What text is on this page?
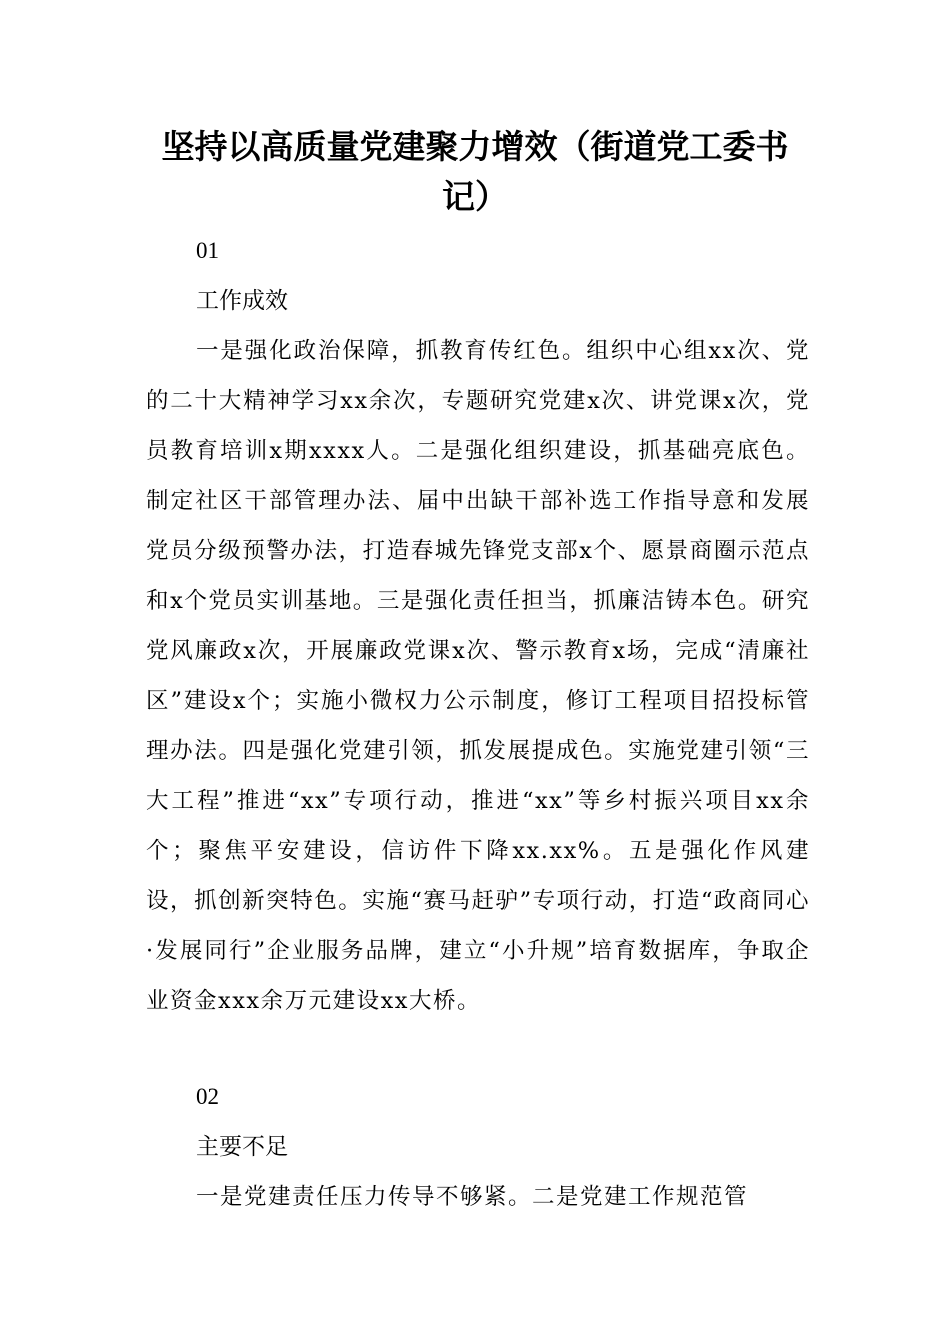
坚持以高质量党建聚力增效（街道党工委书记）
01
工作成效

一是强化政治保障，抓教育传红色。组织中心组xx次、党的二十大精神学习xx余次，专题研究党建x次、讲党课x次，党员教育培训x期xxxx人。二是强化组织建设，抓基础亮底色。制定社区干部管理办法、届中出缺干部补选工作指导意和发展党员分级预警办法，打造春城先锋党支部x个、愿景商圈示范点和x个党员实训基地。三是强化责任担当，抓廉洁铸本色。研究党风廉政x次，开展廉政党课x次、警示教育x场，完成“清廉社区”建设x个；实施小微权力公示制度，修订工程项目招投标管理办法。四是强化党建引领，抓发展提成色。实施党建引领“三大工程”推进“xx”专项行动，推进“xx”等乡村振兴项目xx余个；聚焦平安建设，信访件下降xx.xx%。五是强化作风建设，抓创新突特色。实施“赛马赶驴”专项行动，打造“政商同心·发展同行”企业服务品牌，建立“小升规”培育数据库，争取企业资金xxx余万元建设xx大桥。

02
主要不足

一是党建责任压力传导不够紧。二是党建工作规范管
